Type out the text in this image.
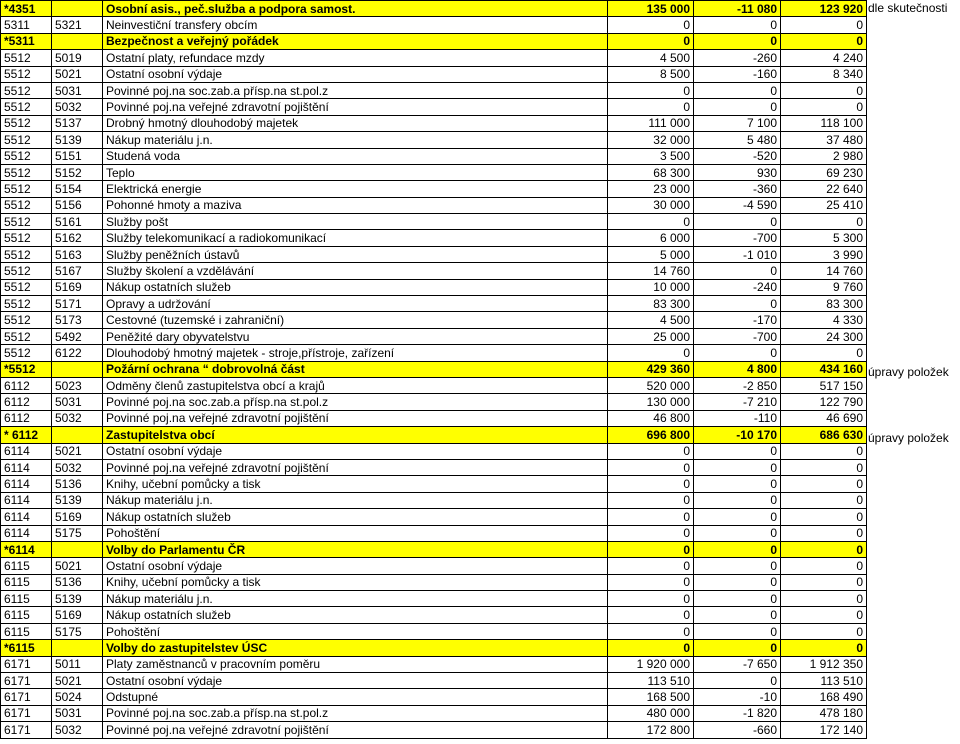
*4351		Osobní asis., peč.služba a podpora samost.	135 000	-11 080	123 920
5311	5321	Neinvestiční transfery obcím	0	0	0
*5311		Bezpečnost a veřejný pořádek	0	0	0
5512	5019	Ostatní platy, refundace mzdy	4 500	-260	4 240
5512	5021	Ostatní osobní výdaje	8 500	-160	8 340
5512	5031	Povinné poj.na soc.zab.a přísp.na st.pol.z	0	0	0
5512	5032	Povinné poj.na veřejné zdravotní pojištění	0	0	0
5512	5137	Drobný hmotný dlouhodobý majetek	111 000	7 100	118 100
5512	5139	Nákup materiálu j.n.	32 000	5 480	37 480
5512	5151	Studená voda	3 500	-520	2 980
5512	5152	Teplo	68 300	930	69 230
5512	5154	Elektrická energie	23 000	-360	22 640
5512	5156	Pohonné hmoty a maziva	30 000	-4 590	25 410
5512	5161	Služby pošt	0	0	0
5512	5162	Služby telekomunikací a radiokomunikací	6 000	-700	5 300
5512	5163	Služby peněžních ústavů	5 000	-1 010	3 990
5512	5167	Služby školení a vzdělávání	14 760	0	14 760
5512	5169	Nákup ostatních služeb	10 000	-240	9 760
5512	5171	Opravy a udržování	83 300	0	83 300
5512	5173	Cestovné (tuzemské i zahraniční)	4 500	-170	4 330
5512	5492	Peněžité dary obyvatelstvu	25 000	-700	24 300
5512	6122	Dlouhodobý hmotný majetek - stroje,přístroje, zařízení	0	0	0
*5512		Požární ochrana “ dobrovolná část	429 360	4 800	434 160
6112	5023	Odměny členů zastupitelstva obcí a krajů	520 000	-2 850	517 150
6112	5031	Povinné poj.na soc.zab.a přísp.na st.pol.z	130 000	-7 210	122 790
6112	5032	Povinné poj.na veřejné zdravotní pojištění	46 800	-110	46 690
* 6112		Zastupitelstva obcí	696 800	-10 170	686 630
6114	5021	Ostatní osobní výdaje	0	0	0
6114	5032	Povinné poj.na veřejné zdravotní pojištění	0	0	0
6114	5136	Knihy, učební pomůcky a tisk	0	0	0
6114	5139	Nákup materiálu j.n.	0	0	0
6114	5169	Nákup ostatních služeb	0	0	0
6114	5175	Pohoštění	0	0	0
*6114		Volby do Parlamentu ČR	0	0	0
6115	5021	Ostatní osobní výdaje	0	0	0
6115	5136	Knihy, učební pomůcky a tisk	0	0	0
6115	5139	Nákup materiálu j.n.	0	0	0
6115	5169	Nákup ostatních služeb	0	0	0
6115	5175	Pohoštění	0	0	0
*6115		Volby do zastupitelstev ÚSC	0	0	0
6171	5011	Platy zaměstnanců v pracovním poměru	1 920 000	-7 650	1 912 350
6171	5021	Ostatní osobní výdaje	113 510	0	113 510
6171	5024	Odstupné	168 500	-10	168 490
6171	5031	Povinné poj.na soc.zab.a přísp.na st.pol.z	480 000	-1 820	478 180
6171	5032	Povinné poj.na veřejné zdravotní pojištění	172 800	-660	172 140
dle skutečnosti
úpravy položek
úpravy položek
